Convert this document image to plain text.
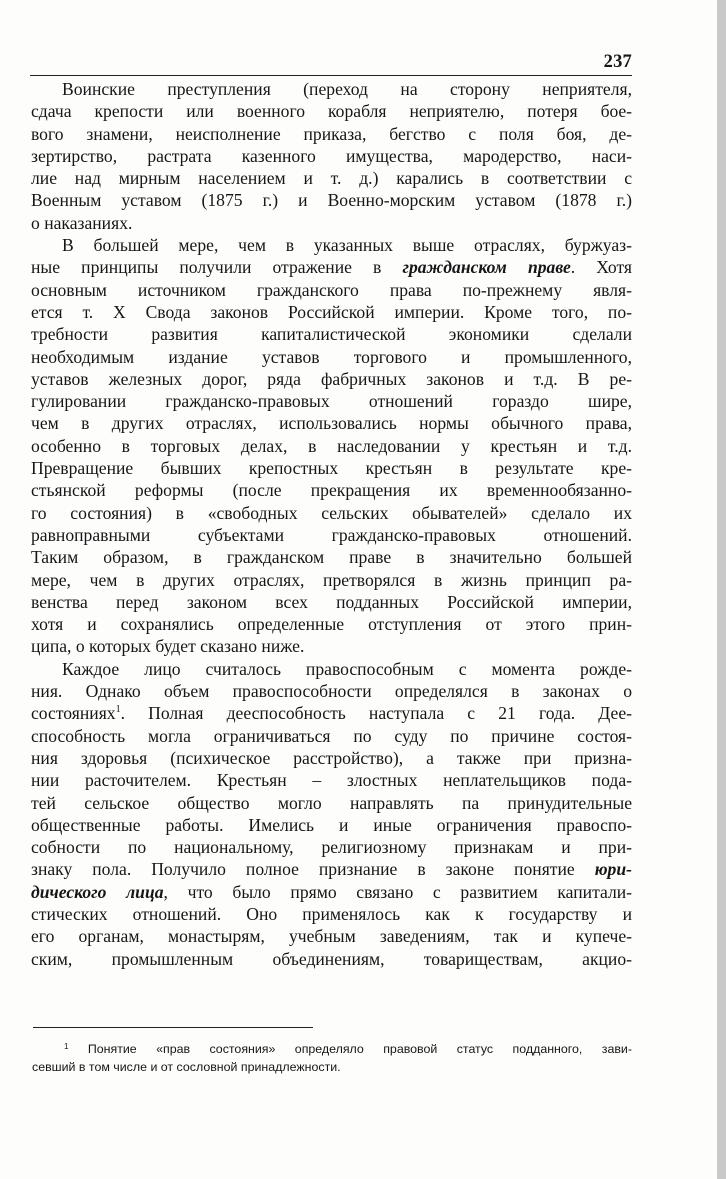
237
Воинские преступления (переход на сторону неприятеля,
сдача крепости или военного корабля неприятелю, потеря боe-
вого знамени, неисполнение приказа, бегство с поля боя, де-
зертирство, растрата казенного имущества, мародерство, наси-
лие над мирным населением и т. д.) карались в соответствии с
Военным уставом (1875 г.) и Военно-морским уставом (1878 г.)
о наказаниях.
В большей мере, чем в указанных выше отраслях, буржуаз-
ные принципы получили отражение в гражданском праве. Хотя
основным источником гражданского права по-прежнему явля-
ется т. X Свода законов Российской империи. Кроме того, по-
требности развития капиталистической экономики сделали
необходимым издание уставов торгового и промышленного,
уставов железных дорог, ряда фабричных законов и т.д. В ре-
гулировании гражданско-правовых отношений гораздо шире,
чем в других отраслях, использовались нормы обычного права,
особенно в торговых делах, в наследовании у крестьян и т.д.
Превращение бывших крепостных крестьян в результате кре-
стьянской реформы (после прекращения их временнообязанно-
го состояния) в «свободных сельских обывателей» сделало их
равноправными субъектами гражданско-правовых отношений.
Таким образом, в гражданском праве в значительно большей
мере, чем в других отраслях, претворялся в жизнь принцип ра-
венства перед законом всех подданных Российской империи,
хотя и сохранялись определенные отступления от этого прин-
ципа, о которых будет сказано ниже.
Каждое лицо считалось правоспособным с момента рожде-
ния. Однако объем правоспособности определялся в законах о
состояниях$^1$. Полная дееспособность наступала с 21 года. Дее-
способность могла ограничиваться по суду по причине состоя-
ния здоровья (психическое расстройство), а также при призна-
нии расточителем. Крестьян – злостных неплательщиков пода-
тей сельское общество могло направлять па принудительные
общественные работы. Имелись и иные ограничения правоспо-
собности по национальному, религиозному признакам и при-
знаку пола. Получило полное признание в законе понятие юри-
дического лица, что было прямо связано с развитием капитали-
стических отношений. Оно применялось как к государству и
его органам, монастырям, учебным заведениям, так и купече-
ским, промышленным объединениям, товариществам, акцио-
$^1$ Понятие «прав состояния» определяло правовой статус подданного, зави-
севший в том числе и от сословной принадлежности.
